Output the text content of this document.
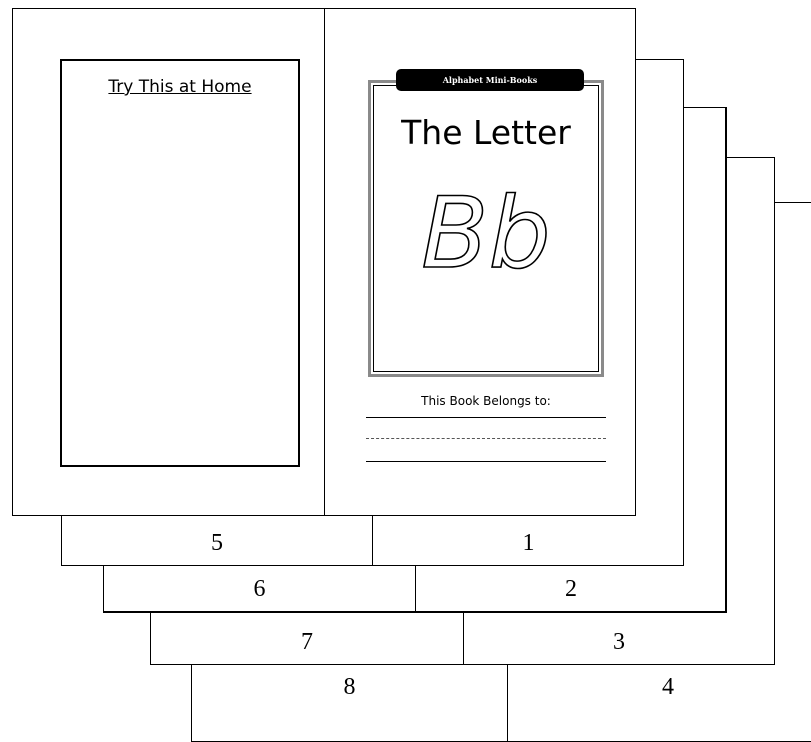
8	4
7	3
6	2
5	1
Try This at Home	Alphabet Mini-Books
The Letter
Bb
This Book Belongs to:
